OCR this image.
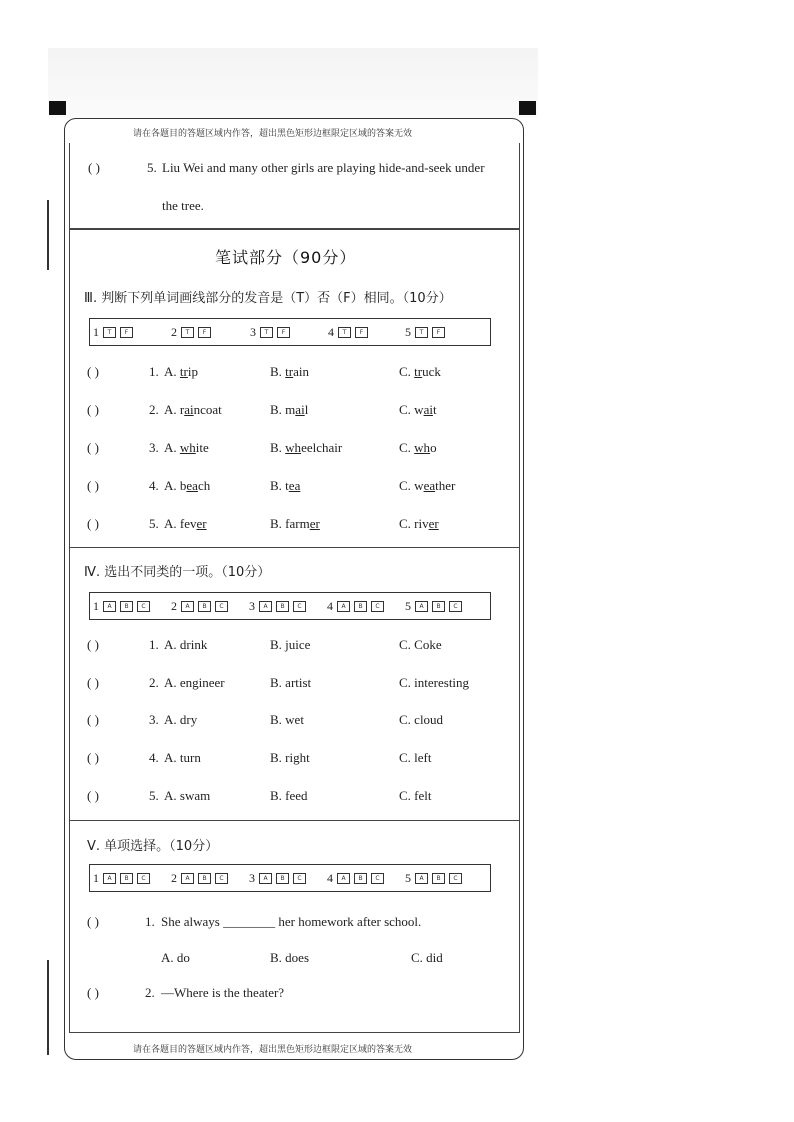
请在各题目的答题区域内作答，超出黑色矩形边框限定区域的答案无效
请在各题目的答题区域内作答，超出黑色矩形边框限定区域的答案无效
( )	5. Liu Wei and many other girls are playing hide-and-seek under
the tree.
笔试部分（90分）
Ⅲ. 判断下列单词画线部分的发音是（T）否（F）相同。（10分）
1	T	F	2	T	F	3	T	F	4	T	F	5	T	F
( )	1. A. trip	B. train	C. truck
( )	2. A. raincoat	B. mail	C. wait
( )	3. A. white	B. wheelchair	C. who
( )	4. A. beach	B. tea	C. weather
( )	5. A. fever	B. farmer	C. river
Ⅳ. 选出不同类的一项。（10分）
1	A	B	C	2	A	B	C	3	A	B	C	4	A	B	C	5	A	B	C
( )	1. A. drink	B. juice	C. Coke
( )	2. A. engineer	B. artist	C. interesting
( )	3. A. dry	B. wet	C. cloud
( )	4. A. turn	B. right	C. left
( )	5. A. swam	B. feed	C. felt
Ⅴ. 单项选择。（10分）
1	A	B	C	2	A	B	C	3	A	B	C	4	A	B	C	5	A	B	C
( )	1. She always ________ her homework after school.
A. do	B. does	C. did
( )	2. —Where is the theater?
